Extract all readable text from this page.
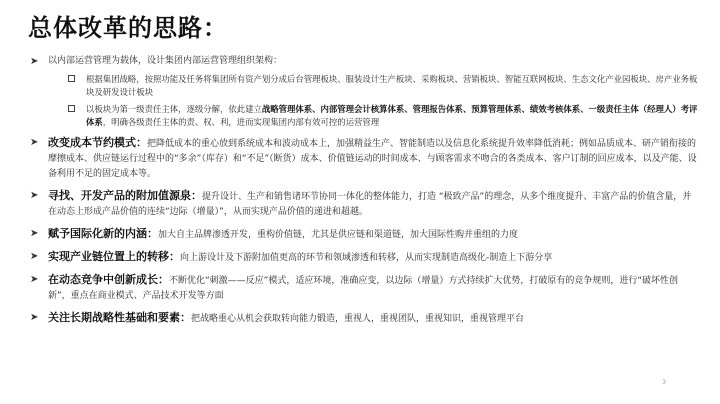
总体改革的思路：
➤ 以内部运营管理为载体，设计集团内部运营管理组织架构：
根据集团战略，按照功能及任务将集团所有资产划分成后台管理板块、服装设计生产板块、采购板块、营销板块、智能互联网板块、生态文化产业园板块、房产业务板块及研发设计板块
以板块为第一级责任主体，逐级分解，依此建立战略管理体系、内部管理会计核算体系、管理报告体系、预算管理体系、绩效考核体系、一级责任主体（经理人）考评体系，明确各级责任主体的责、权、利，进而实现集团内部有效可控的运营管理
➤ 改变成本节约模式：把降低成本的重心放到系统成本和波动成本上，加强精益生产、智能制造以及信息化系统提升效率降低消耗；例如品质成本、研产销衔接的摩擦成本、供应链运行过程中的“多余”（库存）和“不足”（断货）成本、价值链运动的时间成本、与顾客需求不吻合的各类成本、客户订制的回应成本，以及产能、设备利用不足的固定成本等。
➤ 寻找、开发产品的附加值源泉：提升设计、生产和销售诸环节协同一体化的整体能力，打造 “极致产品”的理念，从多个维度提升、丰富产品的价值含量，并在动态上形成产品价值的连续“边际（增量）”，从而实现产品价值的递进和超越。
➤ 赋予国际化新的内涵：加大自主品牌渗透开发，重构价值链，尤其是供应链和渠道链，加大国际性购并重组的力度
➤ 实现产业链位置上的转移：向上游设计及下游附加值更高的环节和领域渗透和转移，从而实现制造高级化-制造上下游分享
➤ 在动态竞争中创新成长：不断优化“刺激——反应”模式，适应环境，准确应变，以边际（增量）方式持续扩大优势，打破原有的竞争规则，进行“破坏性创新”，重点在商业模式、产品技术开发等方面
➤ 关注长期战略性基础和要素：把战略重心从机会获取转向能力锻造，重视人，重视团队，重视知识，重视管理平台
3
